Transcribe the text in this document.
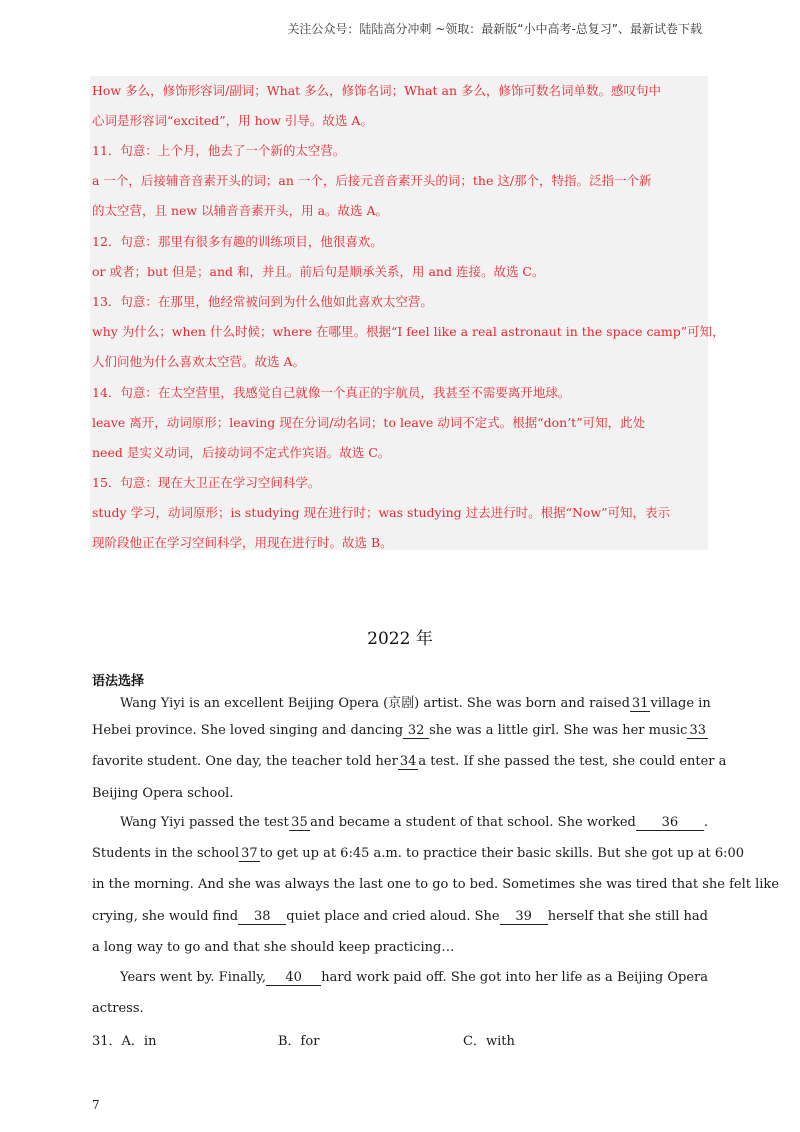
关注公众号：陆陆高分冲刺 ~领取：最新版“小中高考-总复习”、最新试卷下载
How 多么，修饰形容词/副词；What 多么，修饰名词；What an 多么，修饰可数名词单数。感叹句中
心词是形容词“excited”，用 how 引导。故选 A。
11．句意：上个月，他去了一个新的太空营。
a 一个，后接辅音音素开头的词；an 一个，后接元音音素开头的词；the 这/那个，特指。泛指一个新
的太空营，且 new 以辅音音素开头，用 a。故选 A。
12．句意：那里有很多有趣的训练项目，他很喜欢。
or 或者；but 但是；and 和，并且。前后句是顺承关系，用 and 连接。故选 C。
13．句意：在那里，他经常被问到为什么他如此喜欢太空营。
why 为什么；when 什么时候；where 在哪里。根据“I feel like a real astronaut in the space camp”可知，
人们问他为什么喜欢太空营。故选 A。
14．句意：在太空营里，我感觉自己就像一个真正的宇航员，我甚至不需要离开地球。
leave 离开，动词原形；leaving 现在分词/动名词；to leave 动词不定式。根据“don’t”可知，此处
need 是实义动词，后接动词不定式作宾语。故选 C。
15．句意：现在大卫正在学习空间科学。
study 学习，动词原形；is studying 现在进行时；was studying 过去进行时。根据“Now”可知，表示
现阶段他正在学习空间科学，用现在进行时。故选 B。
2022 年
语法选择
Wang Yiyi is an excellent Beijing Opera (京剧) artist. She was born and raised 31 village in
Hebei province. She loved singing and dancing 32 she was a little girl. She was her music 33
favorite student. One day, the teacher told her 34 a test. If she passed the test, she could enter a
Beijing Opera school.
Wang Yiyi passed the test 35 and became a student of that school. She worked	36	.
Students in the school 37 to get up at 6:45 a.m. to practice their basic skills. But she got up at 6:00
in the morning. And she was always the last one to go to bed. Sometimes she was tired that she felt like
crying, she would find	38	quiet place and cried aloud. She	39	herself that she still had
a long way to go and that she should keep practicing…
Years went by. Finally,	40	hard work paid off. She got into her life as a Beijing Opera
actress.
31．A．in	B．for	C．with
7
